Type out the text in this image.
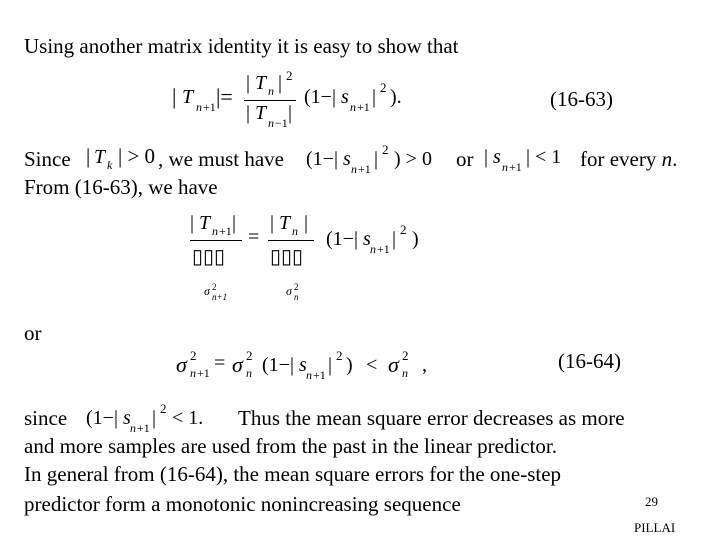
Using another matrix identity it is easy to show that
| T n +1 |=
| T n | 2
| T n −1 |
(1−| s n +1 | 2 ).	(16-63)
Since | T k | > 0 , we must have (1−| s n +1 | 2 ) > 0 or | s n +1 | < 1 for every n.
From (16-63), we have
| T n +1 |
▯▯▯
=
| T n |
▯▯▯
(1−| s n +1 | 2 )
σ 2
n+1	σ 2
n
or
σ 2
n +1 = σ 2
n (1−| s n +1 | 2 ) < σ 2
n ,	(16-64)
since (1−| s n +1 | 2 < 1. Thus the mean square error decreases as more
and more samples are used from the past in the linear predictor.
In general from (16-64), the mean square errors for the one-step
predictor form a monotonic nonincreasing sequence	29
PILLAI
